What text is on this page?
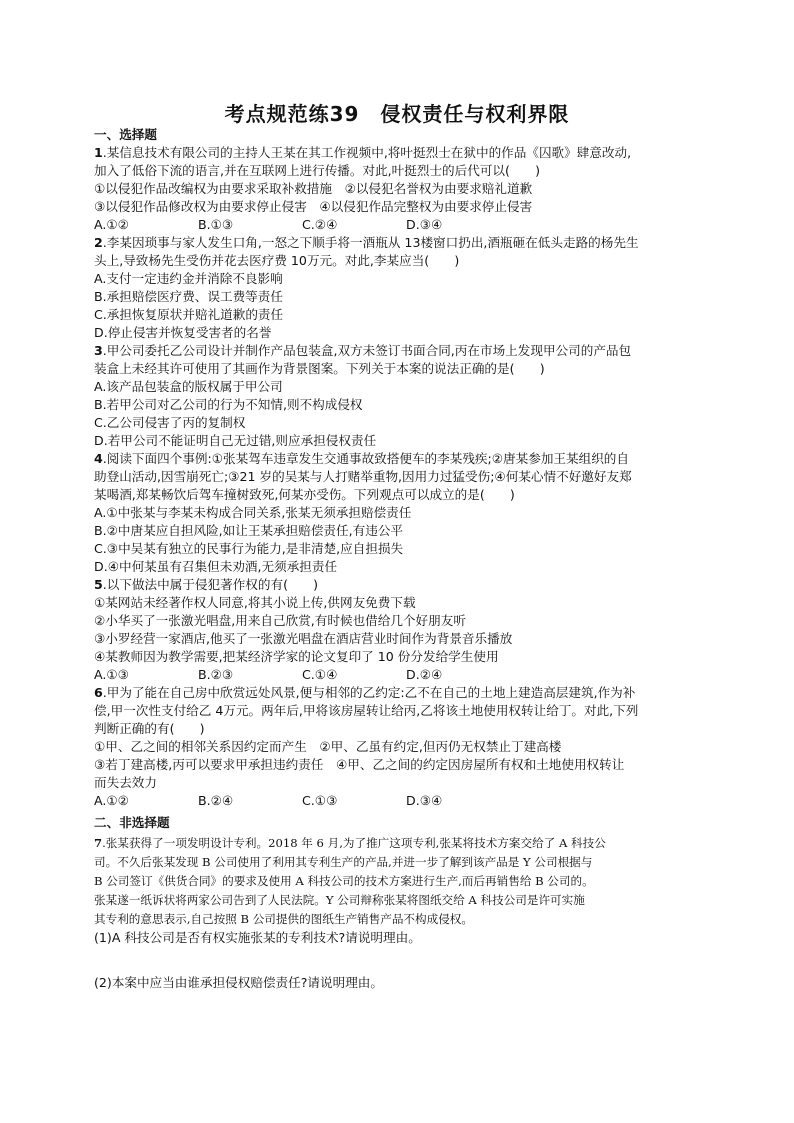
考点规范练39　侵权责任与权利界限
一、选择题
1.某信息技术有限公司的主持人王某在其工作视频中,将叶挺烈士在狱中的作品《囚歌》肆意改动,
加入了低俗下流的语言,并在互联网上进行传播。对此,叶挺烈士的后代可以(　　)
①以侵犯作品改编权为由要求采取补救措施　②以侵犯名誉权为由要求赔礼道歉
③以侵犯作品修改权为由要求停止侵害　④以侵犯作品完整权为由要求停止侵害
A.①②	B.①③	C.②④	D.③④
2.李某因琐事与家人发生口角,一怒之下顺手将一酒瓶从 13楼窗口扔出,酒瓶砸在低头走路的杨先生
头上,导致杨先生受伤并花去医疗费 10万元。对此,李某应当(　　)
A.支付一定违约金并消除不良影响
B.承担赔偿医疗费、误工费等责任
C.承担恢复原状并赔礼道歉的责任
D.停止侵害并恢复受害者的名誉
3.甲公司委托乙公司设计并制作产品包装盒,双方未签订书面合同,丙在市场上发现甲公司的产品包
装盒上未经其许可使用了其画作为背景图案。下列关于本案的说法正确的是(　　)
A.该产品包装盒的版权属于甲公司
B.若甲公司对乙公司的行为不知情,则不构成侵权
C.乙公司侵害了丙的复制权
D.若甲公司不能证明自己无过错,则应承担侵权责任
4.阅读下面四个事例:①张某驾车违章发生交通事故致搭便车的李某残疾;②唐某参加王某组织的自
助登山活动,因雪崩死亡;③21 岁的吴某与人打赌举重物,因用力过猛受伤;④何某心情不好邀好友郑
某喝酒,郑某畅饮后驾车撞树致死,何某亦受伤。下列观点可以成立的是(　　)
A.①中张某与李某未构成合同关系,张某无须承担赔偿责任
B.②中唐某应自担风险,如让王某承担赔偿责任,有违公平
C.③中吴某有独立的民事行为能力,是非清楚,应自担损失
D.④中何某虽有召集但未劝酒,无须承担责任
5.以下做法中属于侵犯著作权的有(　　)
①某网站未经著作权人同意,将其小说上传,供网友免费下载
②小华买了一张激光唱盘,用来自己欣赏,有时候也借给几个好朋友听
③小罗经营一家酒店,他买了一张激光唱盘在酒店营业时间作为背景音乐播放
④某教师因为教学需要,把某经济学家的论文复印了 10 份分发给学生使用
A.①③	B.②③	C.①④	D.②④
6.甲为了能在自己房中欣赏远处风景,便与相邻的乙约定:乙不在自己的土地上建造高层建筑,作为补
偿,甲一次性支付给乙 4万元。两年后,甲将该房屋转让给丙,乙将该土地使用权转让给丁。对此,下列
判断正确的有(　　)
①甲、乙之间的相邻关系因约定而产生　②甲、乙虽有约定,但丙仍无权禁止丁建高楼
③若丁建高楼,丙可以要求甲承担违约责任　④甲、乙之间的约定因房屋所有权和土地使用权转让
而失去效力
A.①②	B.②④	C.①③	D.③④
二、非选择题
7.张某获得了一项发明设计专利。2018 年 6 月,为了推广这项专利,张某将技术方案交给了 A 科技公
司。不久后张某发现 B 公司使用了利用其专利生产的产品,并进一步了解到该产品是 Y 公司根据与
B 公司签订《供货合同》的要求及使用 A 科技公司的技术方案进行生产,而后再销售给 B 公司的。
张某遂一纸诉状将两家公司告到了人民法院。Y 公司辩称张某将图纸交给 A 科技公司是许可实施
其专利的意思表示,自己按照 B 公司提供的图纸生产销售产品不构成侵权。
(1)A 科技公司是否有权实施张某的专利技术?请说明理由。
(2)本案中应当由谁承担侵权赔偿责任?请说明理由。
